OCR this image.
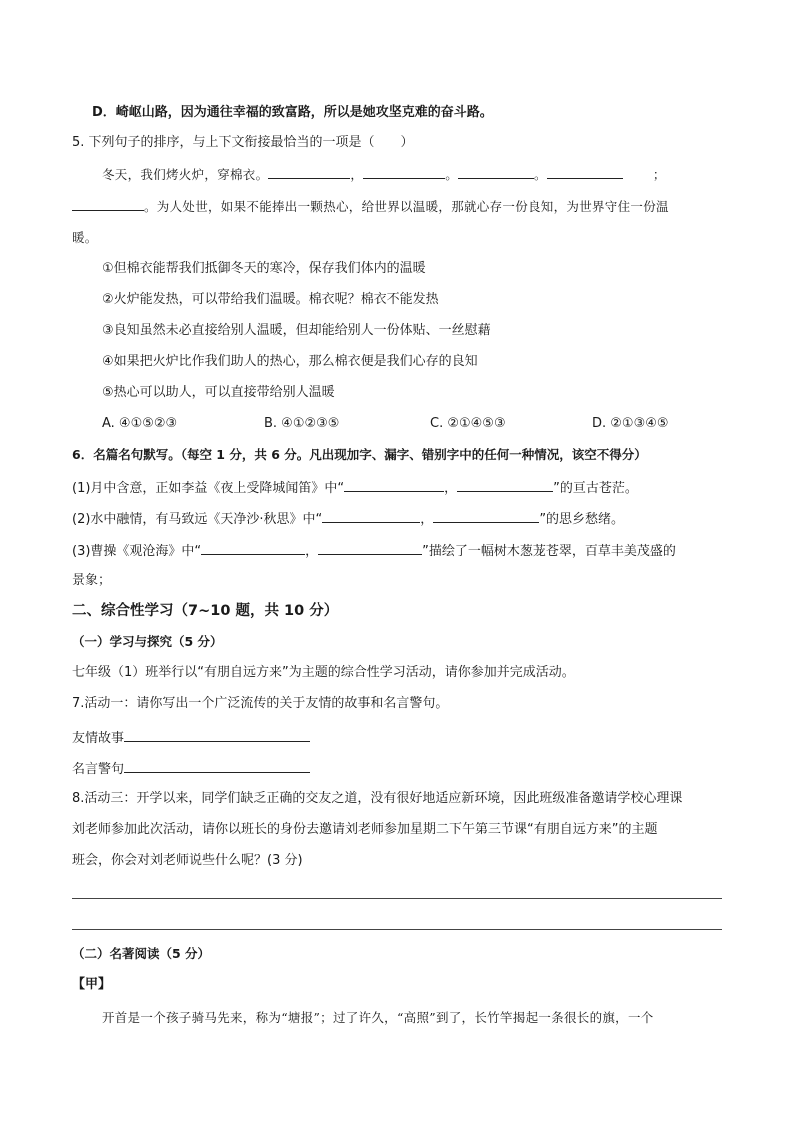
D．崎岖山路，因为通往幸福的致富路，所以是她攻坚克难的奋斗路。
5. 下列句子的排序，与上下文衔接最恰当的一项是（　　）
冬天，我们烤火炉，穿棉衣。	，	。	。	；
。为人处世，如果不能捧出一颗热心，给世界以温暖，那就心存一份良知，为世界守住一份温
暖。
①但棉衣能帮我们抵御冬天的寒冷，保存我们体内的温暖
②火炉能发热，可以带给我们温暖。棉衣呢？棉衣不能发热
③良知虽然未必直接给别人温暖，但却能给别人一份体贴、一丝慰藉
④如果把火炉比作我们助人的热心，那么棉衣便是我们心存的良知
⑤热心可以助人，可以直接带给别人温暖
A. ④①⑤②③	B. ④①②③⑤	C. ②①④⑤③	D. ②①③④⑤
6．名篇名句默写。（每空 1 分，共 6 分。凡出现加字、漏字、错别字中的任何一种情况，该空不得分）
(1)月中含意，正如李益《夜上受降城闻笛》中“	，	”的亘古苍茫。
(2)水中融情，有马致远《天净沙·秋思》中“	，	”的思乡愁绪。
(3)曹操《观沧海》中“	，	”描绘了一幅树木葱茏苍翠，百草丰美茂盛的
景象；
二、综合性学习（7~10 题，共 10 分）
（一）学习与探究（5 分）
七年级（1）班举行以“有朋自远方来”为主题的综合性学习活动，请你参加并完成活动。
7.活动一：请你写出一个广泛流传的关于友情的故事和名言警句。
友情故事
名言警句
8.活动三：开学以来，同学们缺乏正确的交友之道，没有很好地适应新环境，因此班级准备邀请学校心理课
刘老师参加此次活动，请你以班长的身份去邀请刘老师参加星期二下午第三节课“有朋自远方来”的主题
班会，你会对刘老师说些什么呢？(3 分)
（二）名著阅读（5 分）
【甲】
开首是一个孩子骑马先来，称为“塘报”；过了许久，“高照”到了，长竹竿揭起一条很长的旗，一个
